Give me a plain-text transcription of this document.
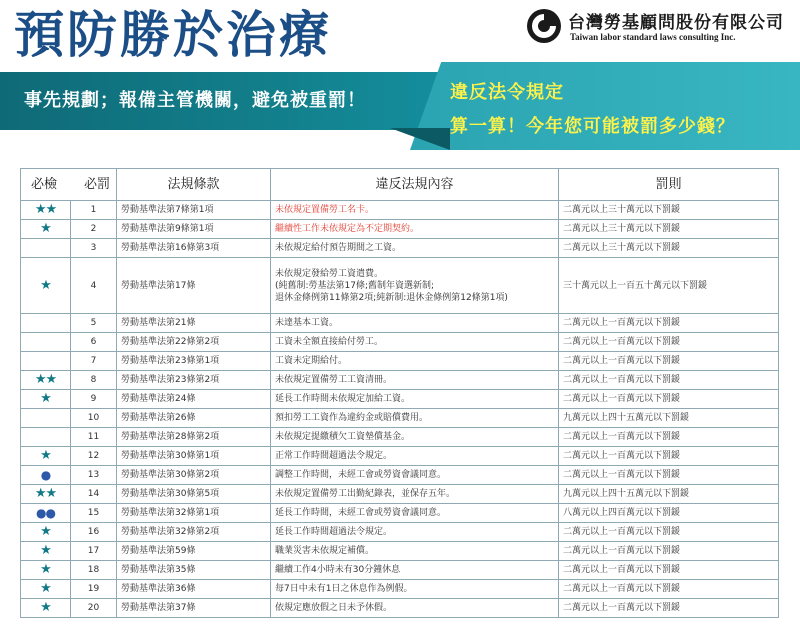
預防勝於治療
事先規劃；報備主管機關，避免被重罰！	違反法令規定
算一算！今年您可能被罰多少錢？
台灣勞基顧問股份有限公司
Taiwan labor standard laws consulting Inc.
必檢 必罰		法規條款	違反法規內容	罰則
★★	1	勞動基準法第7條第1項	未依規定置備勞工名卡。	二萬元以上三十萬元以下罰鍰
★	2	勞動基準法第9條第1項	繼續性工作未依規定為不定期契約。	二萬元以上三十萬元以下罰鍰
	3	勞動基準法第16條第3項	未依規定給付預告期間之工資。	二萬元以上三十萬元以下罰鍰
★	4	勞動基準法第17條	未依規定發給勞工資遣費。
(純舊制:勞基法第17條;舊制年資選新制;
退休金條例第11條第2項;純新制:退休金條例第12條第1項)	三十萬元以上一百五十萬元以下罰鍰
	5	勞動基準法第21條	未達基本工資。	二萬元以上一百萬元以下罰鍰
	6	勞動基準法第22條第2項	工資未全額直接給付勞工。	二萬元以上一百萬元以下罰鍰
	7	勞動基準法第23條第1項	工資未定期給付。	二萬元以上一百萬元以下罰鍰
★★	8	勞動基準法第23條第2項	未依規定置備勞工工資清冊。	二萬元以上一百萬元以下罰鍰
★	9	勞動基準法第24條	延長工作時間未依規定加給工資。	二萬元以上一百萬元以下罰鍰
	10	勞動基準法第26條	預扣勞工工資作為違約金或賠償費用。	九萬元以上四十五萬元以下罰鍰
	11	勞動基準法第28條第2項	未依規定提繳積欠工資墊償基金。	二萬元以上一百萬元以下罰鍰
★	12	勞動基準法第30條第1項	正常工作時間超過法令規定。	二萬元以上一百萬元以下罰鍰
●	13	勞動基準法第30條第2項	調整工作時間，未經工會或勞資會議同意。	二萬元以上一百萬元以下罰鍰
★★	14	勞動基準法第30條第5項	未依規定置備勞工出勤紀錄表，並保存五年。	九萬元以上四十五萬元以下罰鍰
●●	15	勞動基準法第32條第1項	延長工作時間，未經工會或勞資會議同意。	八萬元以上四百萬元以下罰鍰
★	16	勞動基準法第32條第2項	延長工作時間超過法令規定。	二萬元以上一百萬元以下罰鍰
★	17	勞動基準法第59條	職業災害未依規定補償。	二萬元以上一百萬元以下罰鍰
★	18	勞動基準法第35條	繼續工作4小時未有30分鐘休息	二萬元以上一百萬元以下罰鍰
★	19	勞動基準法第36條	每7日中未有1日之休息作為例假。	二萬元以上一百萬元以下罰鍰
★	20	勞動基準法第37條	依規定應放假之日未予休假。	二萬元以上一百萬元以下罰鍰
